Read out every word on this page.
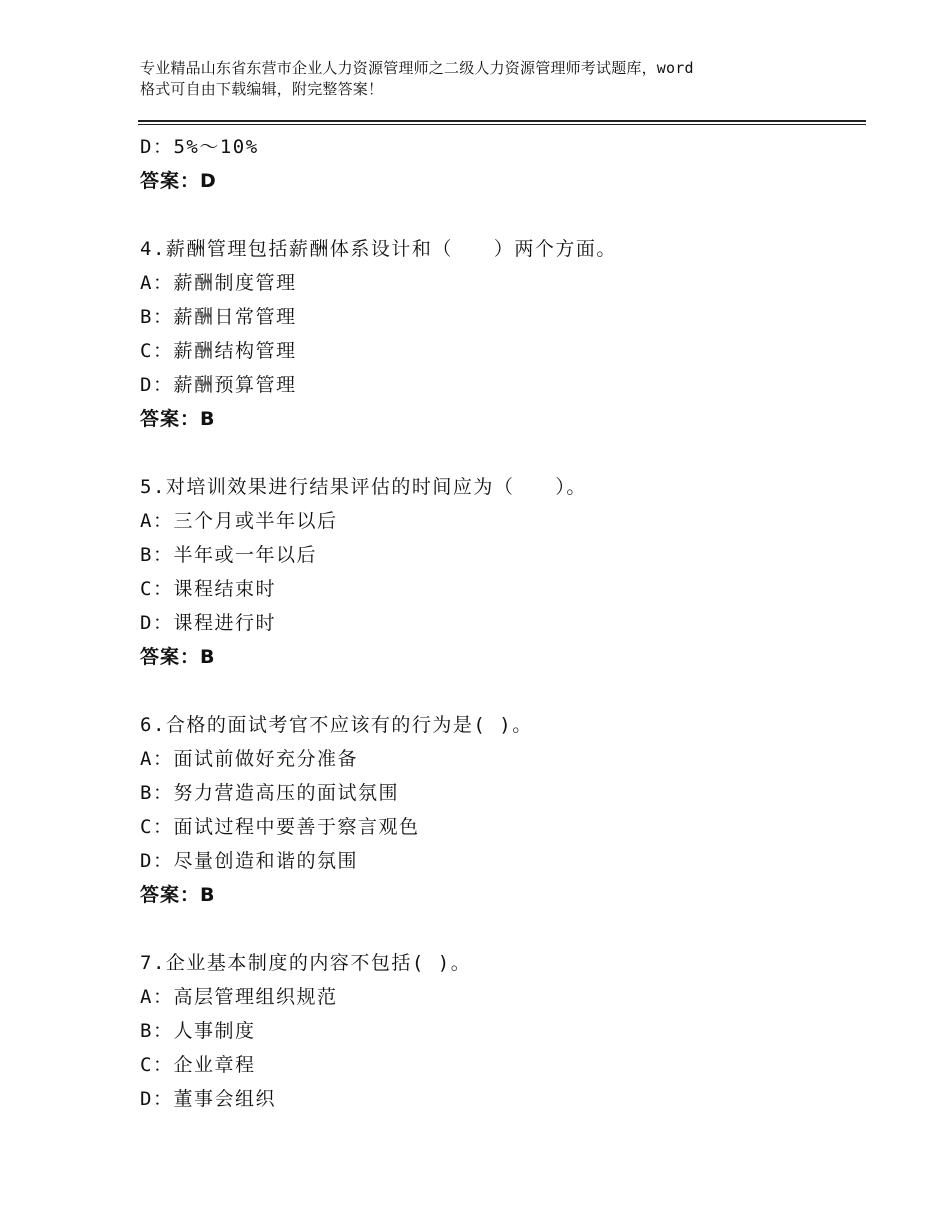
专业精品山东省东营市企业人力资源管理师之二级人力资源管理师考试题库，word
格式可自由下载编辑，附完整答案！
D：5%～10%
答案：D
4.薪酬管理包括薪酬体系设计和（　　）两个方面。
A：薪酬制度管理
B：薪酬日常管理
C：薪酬结构管理
D：薪酬预算管理
答案：B
5.对培训效果进行结果评估的时间应为（　　）。
A：三个月或半年以后
B：半年或一年以后
C：课程结束时
D：课程进行时
答案：B
6.合格的面试考官不应该有的行为是( )。
A：面试前做好充分准备
B：努力营造高压的面试氛围
C：面试过程中要善于察言观色
D：尽量创造和谐的氛围
答案：B
7.企业基本制度的内容不包括( )。
A：高层管理组织规范
B：人事制度
C：企业章程
D：董事会组织
